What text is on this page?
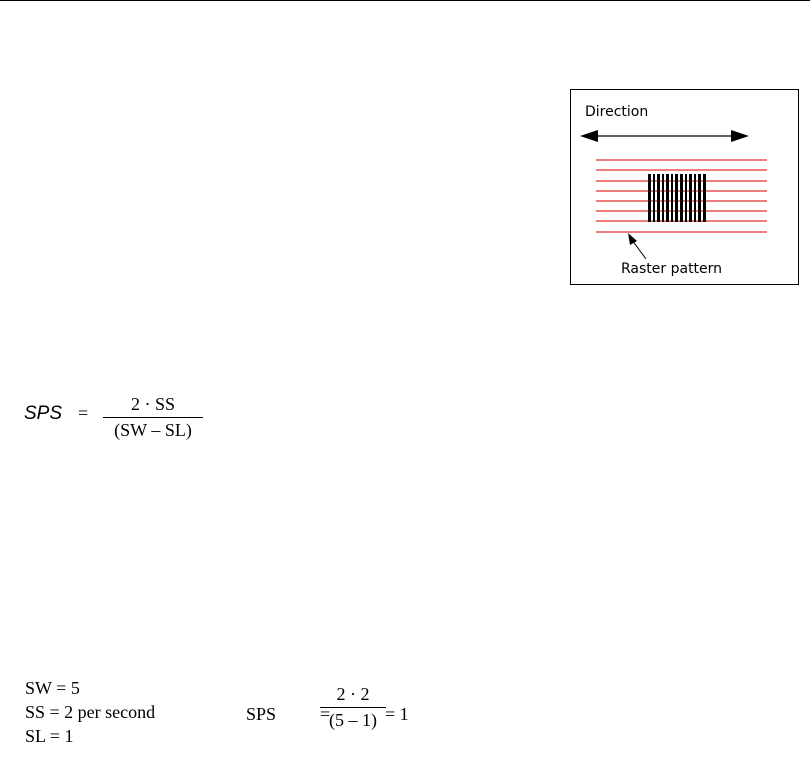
Direction
Raster pattern
SPS =	2 · SS
(SW – SL)
SW = 5
SS = 2 per second
SL = 1
SPS =
2 · 2
(5 – 1) = 1
